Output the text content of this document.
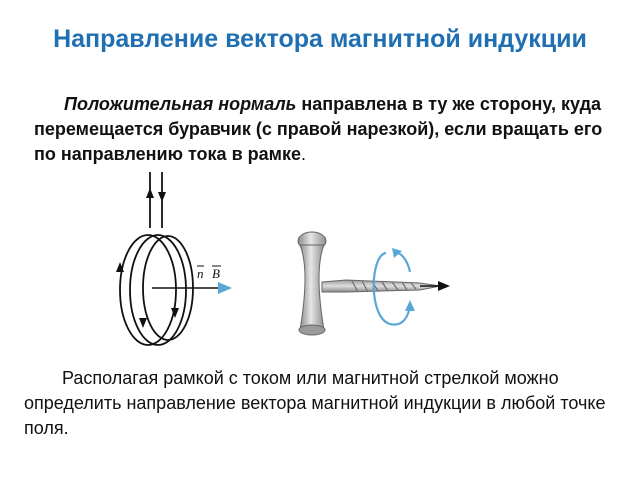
Направление вектора магнитной индукции
Положительная нормаль направлена в ту же сторону, куда перемещается буравчик (с правой нарезкой), если вращать его по направлению тока в рамке.
n B
Располагая рамкой с током или магнитной стрелкой можно определить направление вектора магнитной индукции в любой точке поля.
